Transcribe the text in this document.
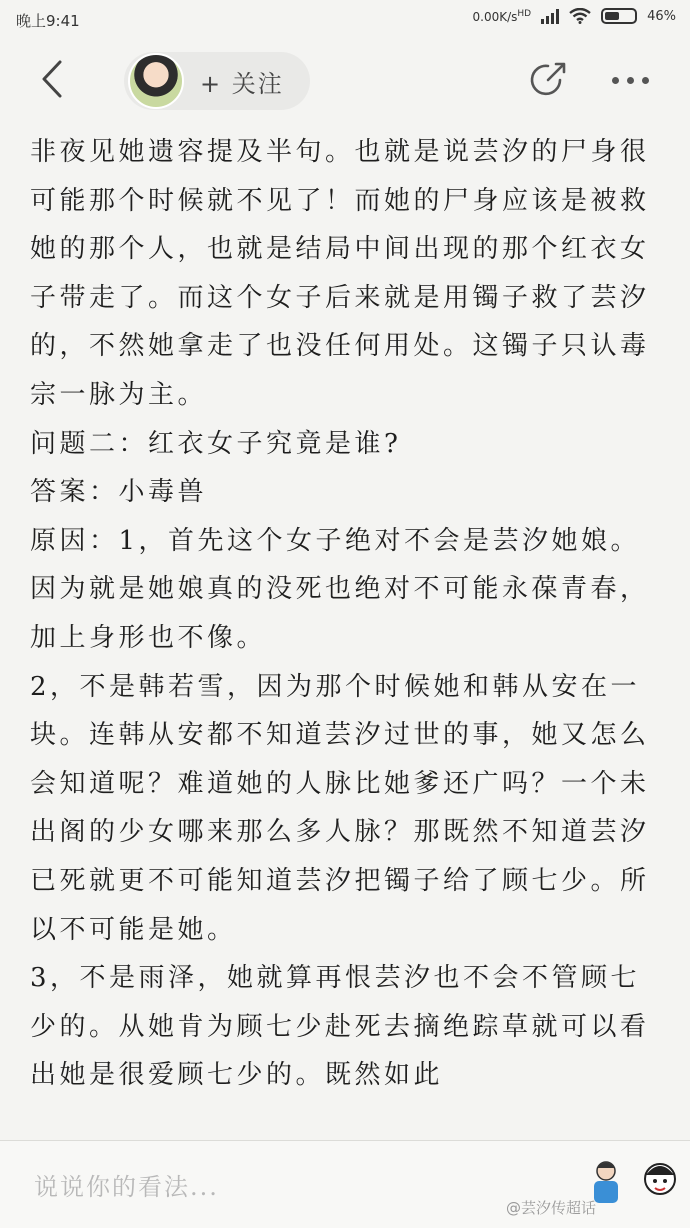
晚上9:41	$0.00K/s^{HD}$	46%
+ 关注

非夜见她遗容提及半句。也就是说芸汐的尸身很可能那个时候就不见了！而她的尸身应该是被救她的那个人，也就是结局中间出现的那个红衣女子带走了。而这个女子后来就是用镯子救了芸汐的，不然她拿走了也没任何用处。这镯子只认毒宗一脉为主。

问题二：红衣女子究竟是谁?

答案：小毒兽

原因：1，首先这个女子绝对不会是芸汐她娘。因为就是她娘真的没死也绝对不可能永葆青春，加上身形也不像。

2，不是韩若雪，因为那个时候她和韩从安在一块。连韩从安都不知道芸汐过世的事，她又怎么会知道呢？难道她的人脉比她爹还广吗？一个未出阁的少女哪来那么多人脉？那既然不知道芸汐已死就更不可能知道芸汐把镯子给了顾七少。所以不可能是她。

3，不是雨泽，她就算再恨芸汐也不会不管顾七少的。从她肯为顾七少赴死去摘绝踪草就可以看出她是很爱顾七少的。既然如此

说说你的看法...
@芸汐传超话
